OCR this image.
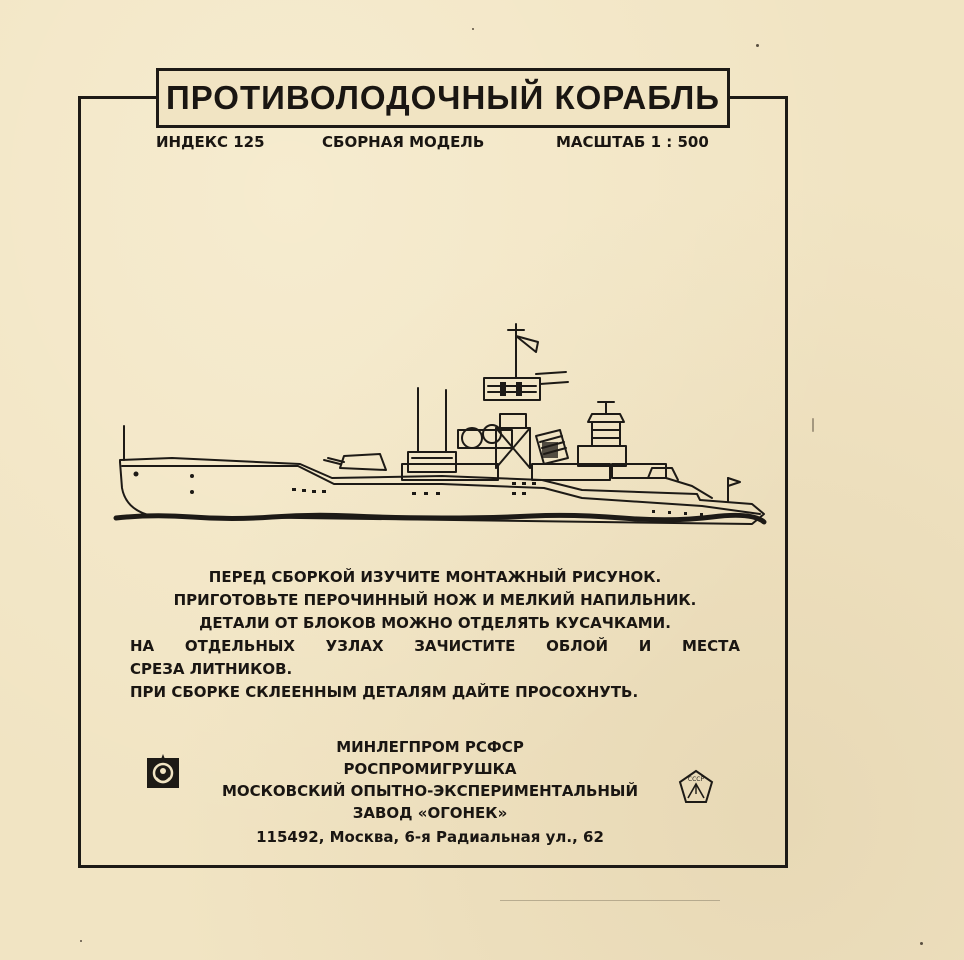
ПРОТИВОЛОДОЧНЫЙ КОРАБЛЬ
ИНДЕКС 125	СБОРНАЯ МОДЕЛЬ	МАСШТАБ 1 : 500
ПЕРЕД СБОРКОЙ ИЗУЧИТЕ МОНТАЖНЫЙ РИСУНОК.
ПРИГОТОВЬТЕ ПЕРОЧИННЫЙ НОЖ И МЕЛКИЙ НАПИЛЬНИК.
ДЕТАЛИ ОТ БЛОКОВ МОЖНО ОТДЕЛЯТЬ КУСАЧКАМИ.
НА ОТДЕЛЬНЫХ УЗЛАХ ЗАЧИСТИТЕ ОБЛОЙ И МЕСТА
СРЕЗА ЛИТНИКОВ.
ПРИ СБОРКЕ СКЛЕЕННЫМ ДЕТАЛЯМ ДАЙТЕ ПРОСОХНУТЬ.
МИНЛЕГПРОМ РСФСР
РОСПРОМИГРУШКА
МОСКОВСКИЙ ОПЫТНО-ЭКСПЕРИМЕНТАЛЬНЫЙ
ЗАВОД «ОГОНЕК»
115492, Москва, 6-я Радиальная ул., 62
СССР
